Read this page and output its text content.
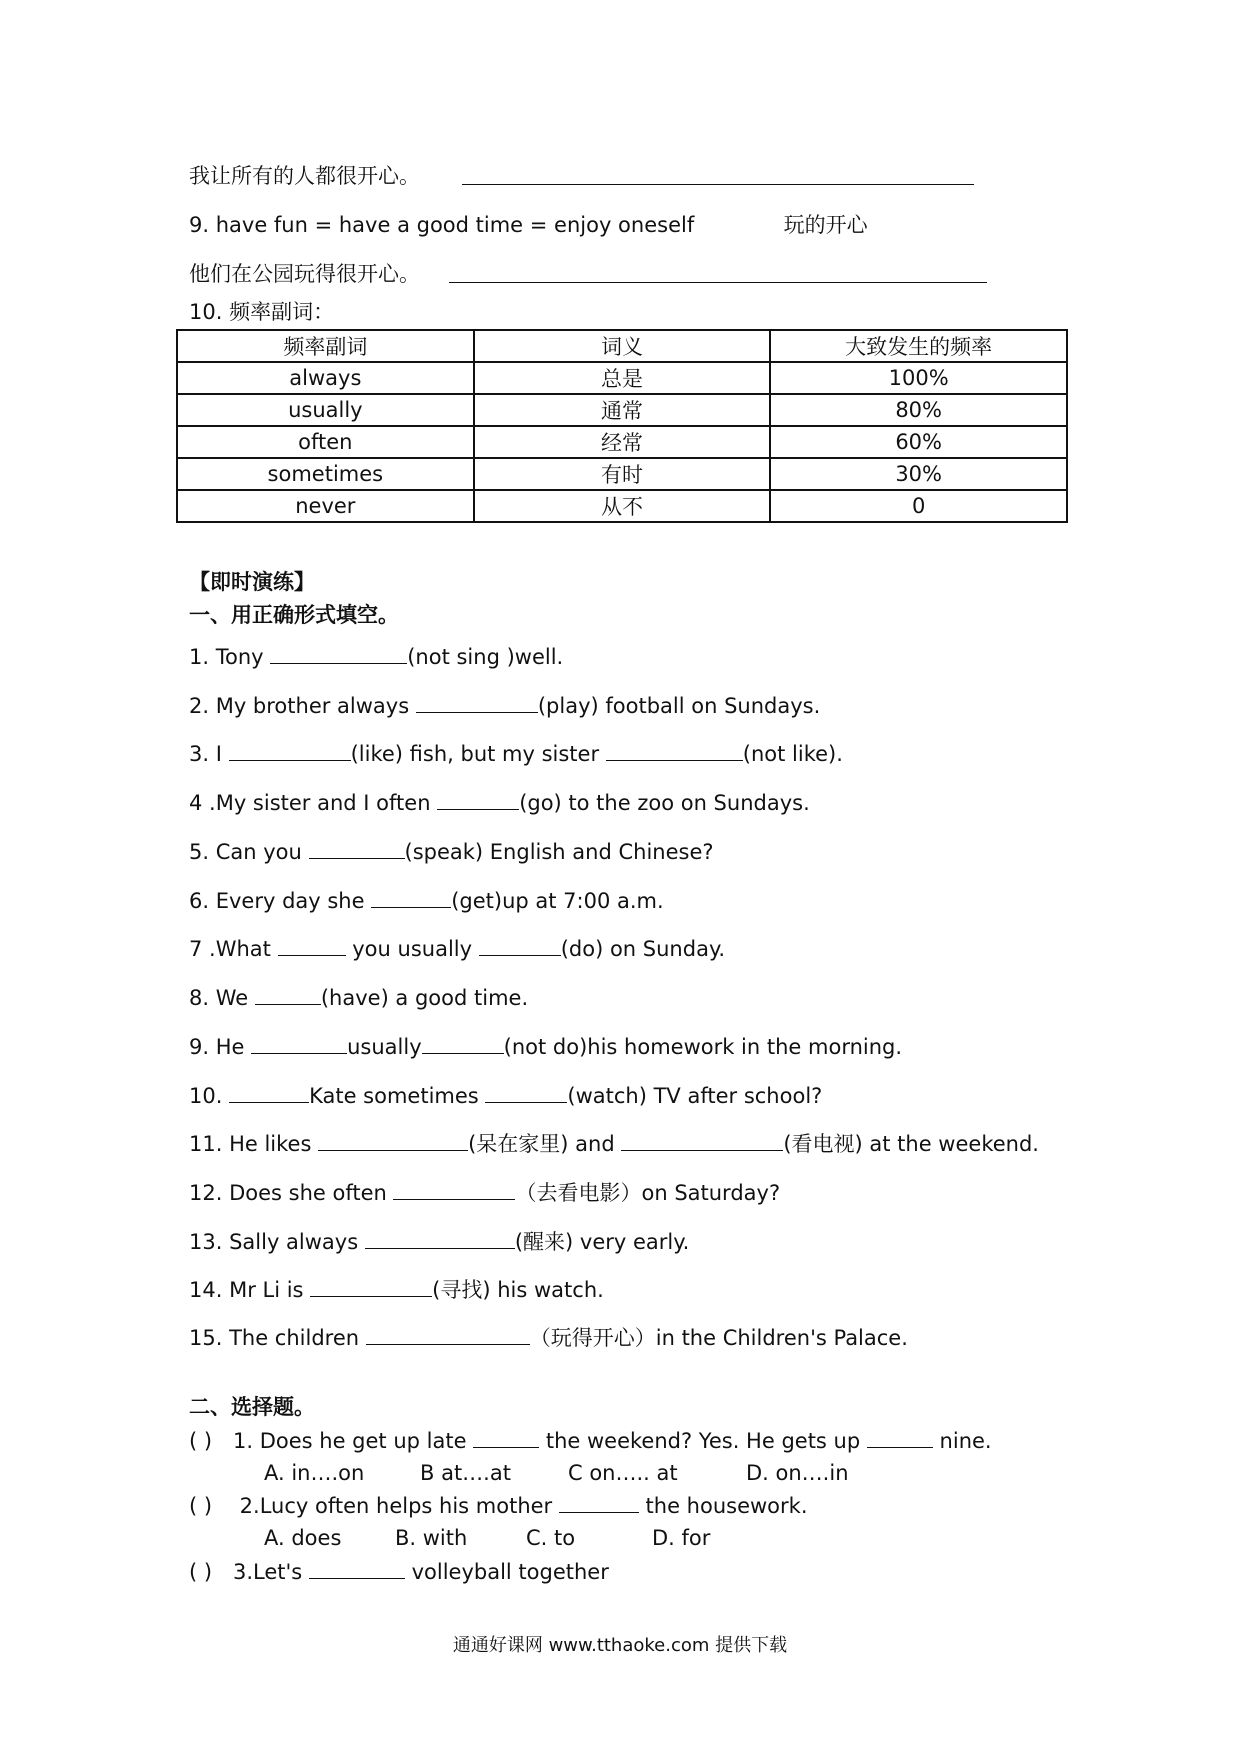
我让所有的人都很开心。
9. have fun = have a good time = enjoy oneself	玩的开心
他们在公园玩得很开心。
10. 频率副词：
频率副词	词义	大致发生的频率
always	总是	100%
usually	通常	80%
often	经常	60%
sometimes	有时	30%
never	从不	0
【即时演练】
一、用正确形式填空。
1. Tony	(not sing )well.
2. My brother always	(play) football on Sundays.
3. I	(like) fish, but my sister	(not like).
4 .My sister and I often	(go) to the zoo on Sundays.
5. Can you	(speak) English and Chinese?
6. Every day she	(get)up at 7:00 a.m.
7 .What	you usually	(do) on Sunday.
8. We	(have) a good time.
9. He	usually	(not do)his homework in the morning.
10.	Kate sometimes	(watch) TV after school?
11. He likes	(呆在家里) and	(看电视) at the weekend.
12. Does she often	（去看电影）on Saturday?
13. Sally always	(醒来) very early.
14. Mr Li is	(寻找) his watch.
15. The children	（玩得开心）in the Children's Palace.
二、选择题。
( ) 1. Does he get up late	the weekend? Yes. He gets up	nine.
A. in….on	B at….at	C on….. at	D. on….in
( ) 2.Lucy often helps his mother	the housework.
A. does	B. with	C. to	D. for
( ) 3.Let's	volleyball together
通通好课网 www.tthaoke.com 提供下载
